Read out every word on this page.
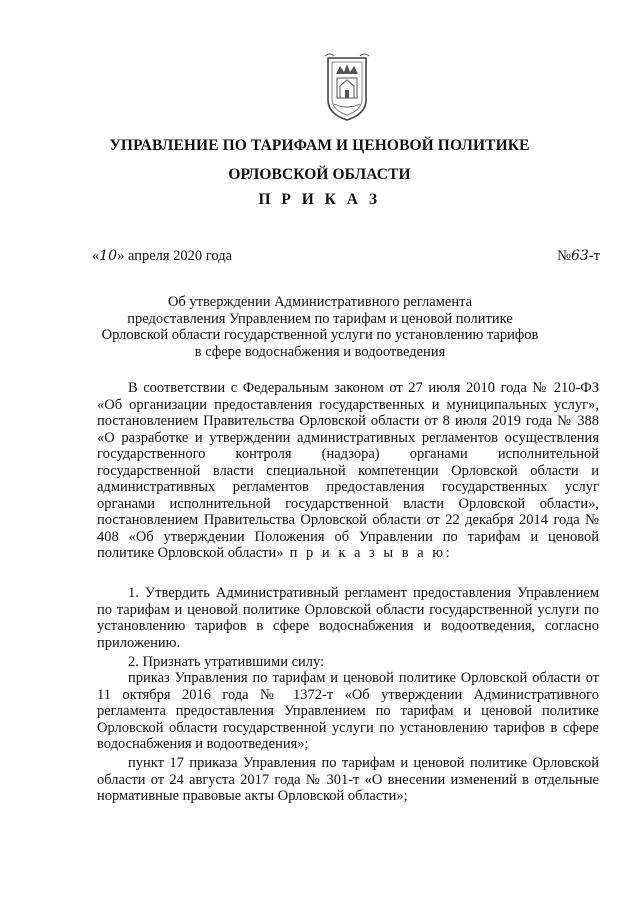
УПРАВЛЕНИЕ ПО ТАРИФАМ И ЦЕНОВОЙ ПОЛИТИКЕ
ОРЛОВСКОЙ ОБЛАСТИ
П Р И К А З
«10» апреля 2020 года	№63-т
Об утверждении Административного регламента
предоставления Управлением по тарифам и ценовой политике
Орловской области государственной услуги по установлению тарифов
в сфере водоснабжения и водоотведения

В соответствии с Федеральным законом от 27 июля 2010 года № 210-ФЗ «Об организации предоставления государственных и муниципальных услуг», постановлением Правительства Орловской области от 8 июля 2019 года № 388 «О разработке и утверждении административных регламентов осуществления государственного контроля (надзора) органами исполнительной государственной власти специальной компетенции Орловской области и административных регламентов предоставления государственных услуг органами исполнительной государственной власти Орловской области», постановлением Правительства Орловской области от 22 декабря 2014 года № 408 «Об утверждении Положения об Управлении по тарифам и ценовой политике Орловской области» п р и к а з ы в а ю:

1. Утвердить Административный регламент предоставления Управлением по тарифам и ценовой политике Орловской области государственной услуги по установлению тарифов в сфере водоснабжения и водоотведения, согласно приложению.

2. Признать утратившими силу:

приказ Управления по тарифам и ценовой политике Орловской области от 11 октября 2016 года № 1372-т «Об утверждении Административного регламента предоставления Управлением по тарифам и ценовой политике Орловской области государственной услуги по установлению тарифов в сфере водоснабжения и водоотведения»;

пункт 17 приказа Управления по тарифам и ценовой политике Орловской области от 24 августа 2017 года № 301-т «О внесении изменений в отдельные нормативные правовые акты Орловской области»;
